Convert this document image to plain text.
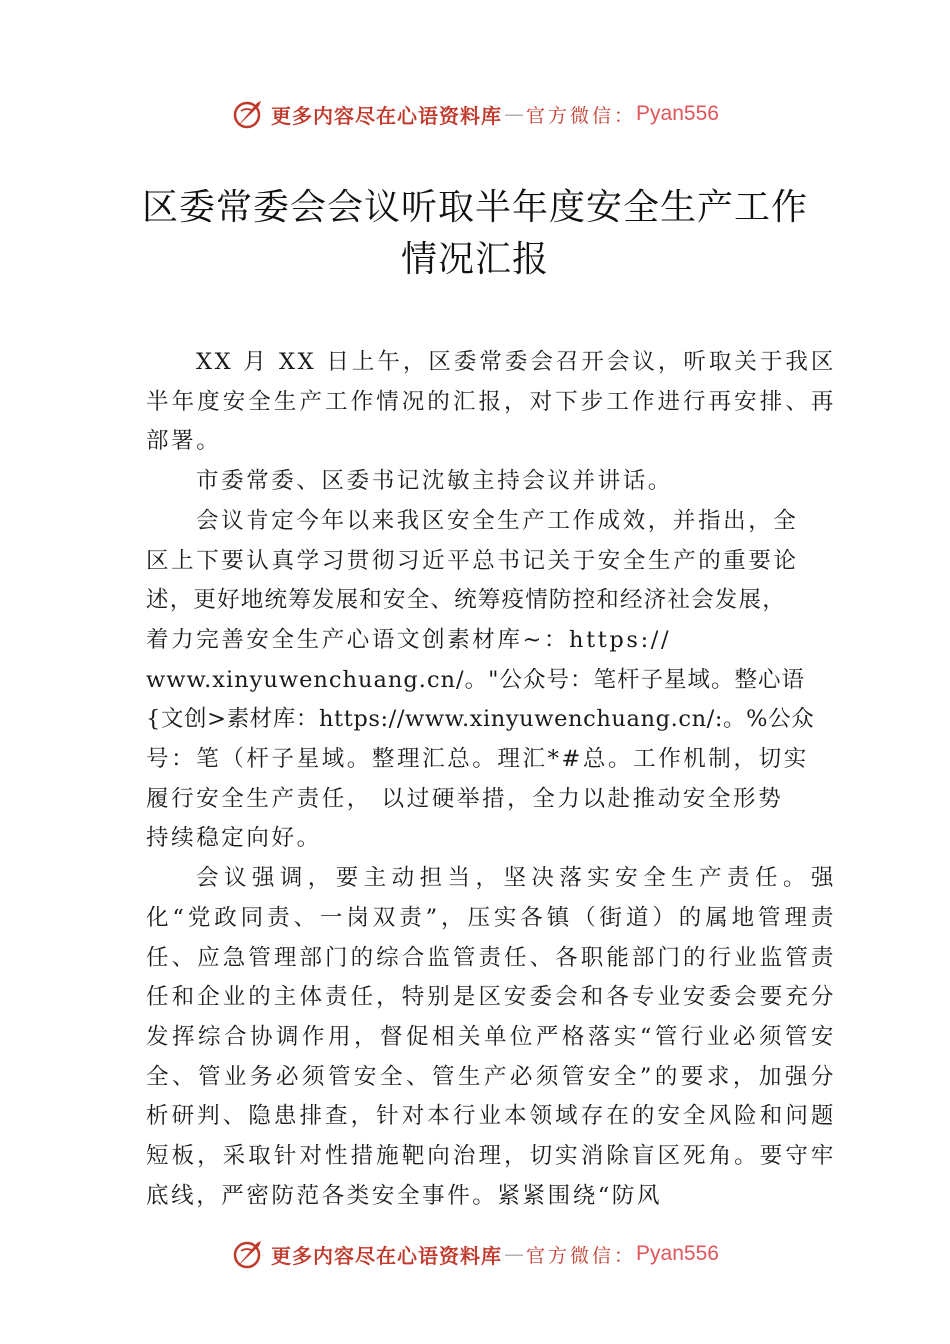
更多内容尽在心语资料库 — 官方微信： Pyan556
区委常委会会议听取半年度安全生产工作
情况汇报

XX 月 XX 日上午，区委常委会召开会议，听取关于我区半年度安全生产工作情况的汇报，对下步工作进行再安排、再部署。

市委常委、区委书记沈敏主持会议并讲话。

会议肯定今年以来我区安全生产工作成效，并指出，全
区上下要认真学习贯彻习近平总书记关于安全生产的重要论
述，更好地统筹发展和安全、统筹疫情防控和经济社会发展，
着力完善安全生产心语文创素材库~：https://
www.xinyuwenchuang.cn/。"公众号：笔杆子星域。整心语
{文创>素材库：https://www.xinyuwenchuang.cn/:。%公众
号：笔（杆子星域。整理汇总。理汇*#总。工作机制，切实
履行安全生产责任， 以过硬举措，全力以赴推动安全形势
持续稳定向好。

会议强调，要主动担当，坚决落实安全生产责任。强化“党政同责、一岗双责”，压实各镇（街道）的属地管理责任、应急管理部门的综合监管责任、各职能部门的行业监管责任和企业的主体责任，特别是区安委会和各专业安委会要充分发挥综合协调作用，督促相关单位严格落实“管行业必须管安全、管业务必须管安全、管生产必须管安全”的要求，加强分析研判、隐患排查，针对本行业本领域存在的安全风险和问题短板，采取针对性措施靶向治理，切实消除盲区死角。要守牢底线，严密防范各类安全事件。紧紧围绕“防风

更多内容尽在心语资料库 — 官方微信： Pyan556
